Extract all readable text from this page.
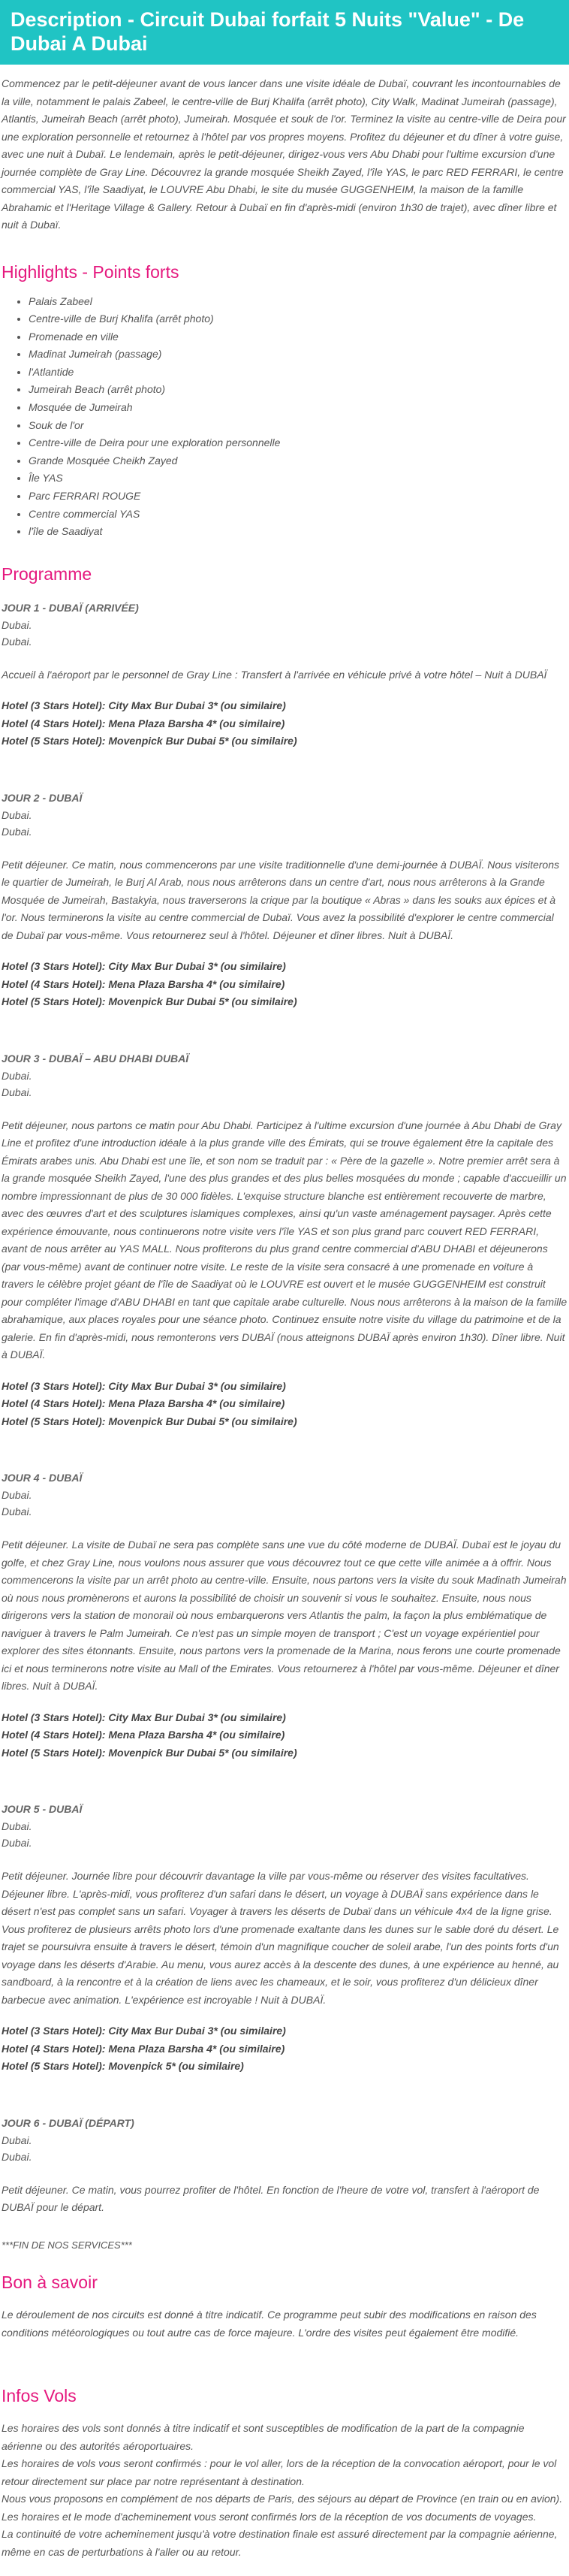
Description - Circuit Dubai forfait 5 Nuits "Value" - De Dubai A Dubai

Commencez par le petit-déjeuner avant de vous lancer dans une visite idéale de Dubaï, couvrant les incontournables de la ville, notamment le palais Zabeel, le centre-ville de Burj Khalifa (arrêt photo), City Walk, Madinat Jumeirah (passage), Atlantis, Jumeirah Beach (arrêt photo), Jumeirah. Mosquée et souk de l'or. Terminez la visite au centre-ville de Deira pour une exploration personnelle et retournez à l'hôtel par vos propres moyens. Profitez du déjeuner et du dîner à votre guise, avec une nuit à Dubaï. Le lendemain, après le petit-déjeuner, dirigez-vous vers Abu Dhabi pour l'ultime excursion d'une journée complète de Gray Line. Découvrez la grande mosquée Sheikh Zayed, l'île YAS, le parc RED FERRARI, le centre commercial YAS, l'île Saadiyat, le LOUVRE Abu Dhabi, le site du musée GUGGENHEIM, la maison de la famille Abrahamic et l'Heritage Village & Gallery. Retour à Dubaï en fin d'après-midi (environ 1h30 de trajet), avec dîner libre et nuit à Dubaï.

Highlights - Points forts
• Palais Zabeel
• Centre-ville de Burj Khalifa (arrêt photo)
• Promenade en ville
• Madinat Jumeirah (passage)
• l'Atlantide
• Jumeirah Beach (arrêt photo)
• Mosquée de Jumeirah
• Souk de l'or
• Centre-ville de Deira pour une exploration personnelle
• Grande Mosquée Cheikh Zayed
• Île YAS
• Parc FERRARI ROUGE
• Centre commercial YAS
• l'île de Saadiyat
Programme
JOUR 1 - DUBAÏ (ARRIVÉE)
Dubai.
Dubai.

Accueil à l'aéroport par le personnel de Gray Line : Transfert à l'arrivée en véhicule privé à votre hôtel – Nuit à DUBAÏ

Hotel (3 Stars Hotel): City Max Bur Dubai 3* (ou similaire)
Hotel (4 Stars Hotel): Mena Plaza Barsha 4* (ou similaire)
Hotel (5 Stars Hotel): Movenpick Bur Dubai 5* (ou similaire)
JOUR 2 - DUBAÏ
Dubai.
Dubai.

Petit déjeuner. Ce matin, nous commencerons par une visite traditionnelle d'une demi-journée à DUBAÏ. Nous visiterons le quartier de Jumeirah, le Burj Al Arab, nous nous arrêterons dans un centre d'art, nous nous arrêterons à la Grande Mosquée de Jumeirah, Bastakyia, nous traverserons la crique par la boutique « Abras » dans les souks aux épices et à l'or. Nous terminerons la visite au centre commercial de Dubaï. Vous avez la possibilité d'explorer le centre commercial de Dubaï par vous-même. Vous retournerez seul à l'hôtel. Déjeuner et dîner libres. Nuit à DUBAÏ.

Hotel (3 Stars Hotel): City Max Bur Dubai 3* (ou similaire)
Hotel (4 Stars Hotel): Mena Plaza Barsha 4* (ou similaire)
Hotel (5 Stars Hotel): Movenpick Bur Dubai 5* (ou similaire)
JOUR 3 - DUBAÏ – ABU DHABI DUBAÏ
Dubai.
Dubai.

Petit déjeuner, nous partons ce matin pour Abu Dhabi. Participez à l'ultime excursion d'une journée à Abu Dhabi de Gray Line et profitez d'une introduction idéale à la plus grande ville des Émirats, qui se trouve également être la capitale des Émirats arabes unis. Abu Dhabi est une île, et son nom se traduit par : « Père de la gazelle ». Notre premier arrêt sera à la grande mosquée Sheikh Zayed, l'une des plus grandes et des plus belles mosquées du monde ; capable d'accueillir un nombre impressionnant de plus de 30 000 fidèles. L'exquise structure blanche est entièrement recouverte de marbre, avec des œuvres d'art et des sculptures islamiques complexes, ainsi qu'un vaste aménagement paysager. Après cette expérience émouvante, nous continuerons notre visite vers l'île YAS et son plus grand parc couvert RED FERRARI, avant de nous arrêter au YAS MALL. Nous profiterons du plus grand centre commercial d'ABU DHABI et déjeunerons (par vous-même) avant de continuer notre visite. Le reste de la visite sera consacré à une promenade en voiture à travers le célèbre projet géant de l'île de Saadiyat où le LOUVRE est ouvert et le musée GUGGENHEIM est construit pour compléter l'image d'ABU DHABI en tant que capitale arabe culturelle. Nous nous arrêterons à la maison de la famille abrahamique, aux places royales pour une séance photo. Continuez ensuite notre visite du village du patrimoine et de la galerie. En fin d'après-midi, nous remonterons vers DUBAÏ (nous atteignons DUBAÏ après environ 1h30). Dîner libre. Nuit à DUBAÏ.

Hotel (3 Stars Hotel): City Max Bur Dubai 3* (ou similaire)
Hotel (4 Stars Hotel): Mena Plaza Barsha 4* (ou similaire)
Hotel (5 Stars Hotel): Movenpick Bur Dubai 5* (ou similaire)
JOUR 4 - DUBAÏ
Dubai.
Dubai.

Petit déjeuner. La visite de Dubaï ne sera pas complète sans une vue du côté moderne de DUBAÏ. Dubaï est le joyau du golfe, et chez Gray Line, nous voulons nous assurer que vous découvrez tout ce que cette ville animée a à offrir. Nous commencerons la visite par un arrêt photo au centre-ville. Ensuite, nous partons vers la visite du souk Madinath Jumeirah où nous nous promènerons et aurons la possibilité de choisir un souvenir si vous le souhaitez. Ensuite, nous nous dirigerons vers la station de monorail où nous embarquerons vers Atlantis the palm, la façon la plus emblématique de naviguer à travers le Palm Jumeirah. Ce n'est pas un simple moyen de transport ; C'est un voyage expérientiel pour explorer des sites étonnants. Ensuite, nous partons vers la promenade de la Marina, nous ferons une courte promenade ici et nous terminerons notre visite au Mall of the Emirates. Vous retournerez à l'hôtel par vous-même. Déjeuner et dîner libres. Nuit à DUBAÏ.

Hotel (3 Stars Hotel): City Max Bur Dubai 3* (ou similaire)
Hotel (4 Stars Hotel): Mena Plaza Barsha 4* (ou similaire)
Hotel (5 Stars Hotel): Movenpick Bur Dubai 5* (ou similaire)
JOUR 5 - DUBAÏ
Dubai.
Dubai.

Petit déjeuner. Journée libre pour découvrir davantage la ville par vous-même ou réserver des visites facultatives. Déjeuner libre. L'après-midi, vous profiterez d'un safari dans le désert, un voyage à DUBAÏ sans expérience dans le désert n'est pas complet sans un safari. Voyager à travers les déserts de Dubaï dans un véhicule 4x4 de la ligne grise. Vous profiterez de plusieurs arrêts photo lors d'une promenade exaltante dans les dunes sur le sable doré du désert. Le trajet se poursuivra ensuite à travers le désert, témoin d'un magnifique coucher de soleil arabe, l'un des points forts d'un voyage dans les déserts d'Arabie. Au menu, vous aurez accès à la descente des dunes, à une expérience au henné, au sandboard, à la rencontre et à la création de liens avec les chameaux, et le soir, vous profiterez d'un délicieux dîner barbecue avec animation. L'expérience est incroyable ! Nuit à DUBAÏ.

Hotel (3 Stars Hotel): City Max Bur Dubai 3* (ou similaire)
Hotel (4 Stars Hotel): Mena Plaza Barsha 4* (ou similaire)
Hotel (5 Stars Hotel): Movenpick 5* (ou similaire)
JOUR 6 - DUBAÏ (DÉPART)
Dubai.
Dubai.

Petit déjeuner. Ce matin, vous pourrez profiter de l'hôtel. En fonction de l'heure de votre vol, transfert à l'aéroport de DUBAÏ pour le départ.

***FIN DE NOS SERVICES***

Bon à savoir

Le déroulement de nos circuits est donné à titre indicatif. Ce programme peut subir des modifications en raison des conditions météorologiques ou tout autre cas de force majeure. L'ordre des visites peut également être modifié.

Infos Vols

Les horaires des vols sont donnés à titre indicatif et sont susceptibles de modification de la part de la compagnie aérienne ou des autorités aéroportuaires.

Les horaires de vols vous seront confirmés : pour le vol aller, lors de la réception de la convocation aéroport, pour le vol retour directement sur place par notre représentant à destination.

Nous vous proposons en complément de nos départs de Paris, des séjours au départ de Province (en train ou en avion).

Les horaires et le mode d'acheminement vous seront confirmés lors de la réception de vos documents de voyages.

La continuité de votre acheminement jusqu'à votre destination finale est assuré directement par la compagnie aérienne, même en cas de perturbations à l'aller ou au retour.
